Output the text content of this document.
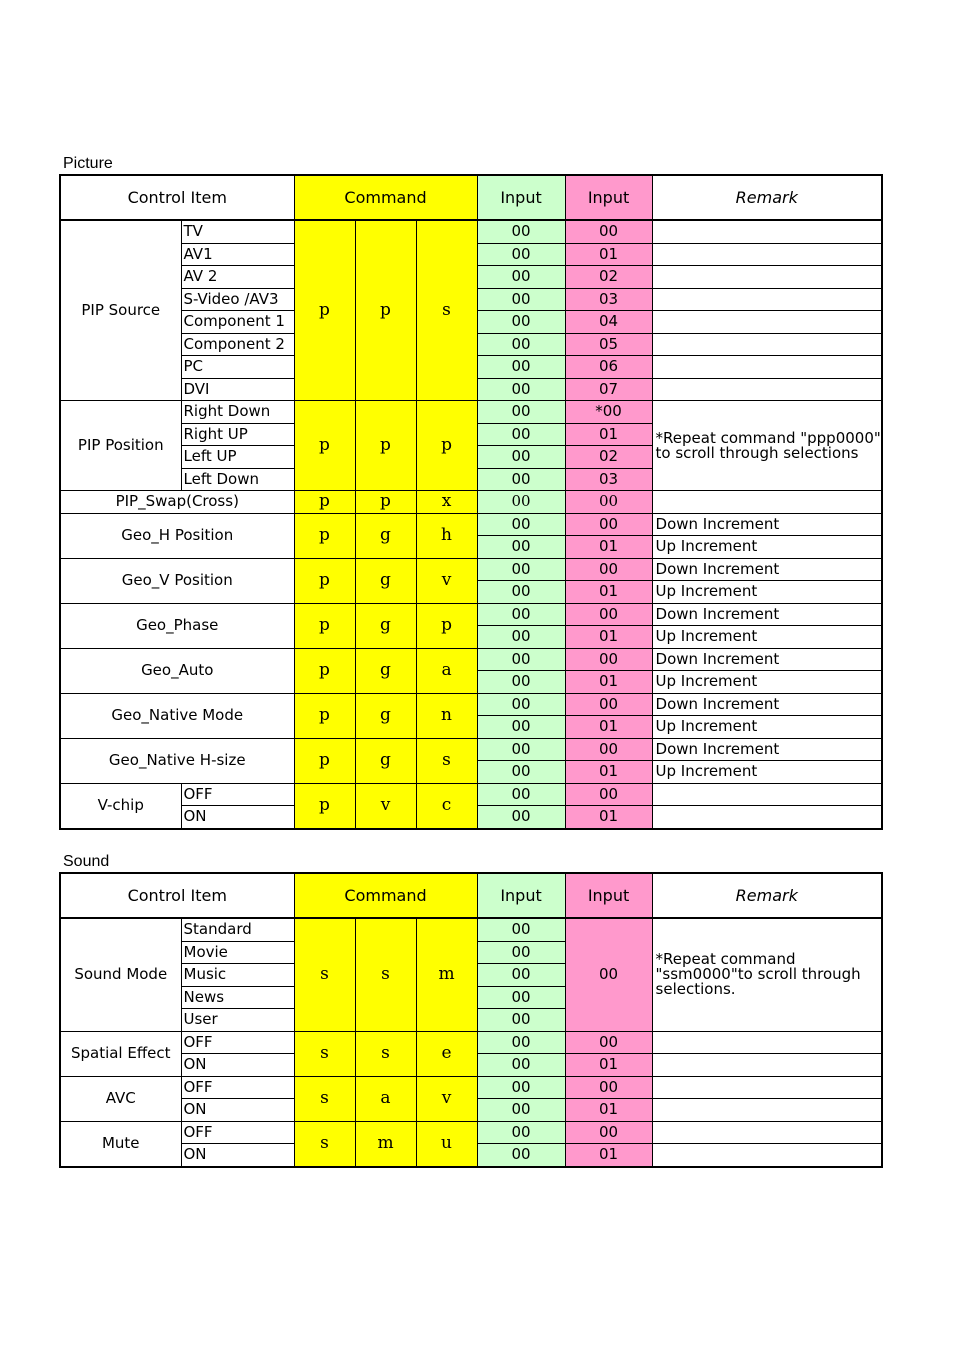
Picture
Control Item		Command			Input	Input	Remark
PIP Source	TV	p	p	s	00	00	
	AV1				00	01	
	AV 2				00	02	
	S-Video /AV3				00	03	
	Component 1				00	04	
	Component 2				00	05	
	PC				00	06	
	DVI				00	07	
PIP Position	Right Down	p	p	p	00	*00	*Repeat command "ppp0000" to scroll through selections
	Right UP				00	01	
	Left UP				00	02	
	Left Down				00	03	
PIP_Swap(Cross)		p	p	x	00	00	
Geo_H Position		p	g	h	00	00	Down Increment
					00	01	Up Increment
Geo_V Position		p	g	v	00	00	Down Increment
					00	01	Up Increment
Geo_Phase		p	g	p	00	00	Down Increment
					00	01	Up Increment
Geo_Auto		p	g	a	00	00	Down Increment
					00	01	Up Increment
Geo_Native Mode		p	g	n	00	00	Down Increment
					00	01	Up Increment
Geo_Native H-size		p	g	s	00	00	Down Increment
					00	01	Up Increment
V-chip	OFF	p	v	c	00	00	
	ON				00	01	
Sound
Control Item		Command			Input	Input	Remark
Sound Mode	Standard	s	s	m	00	00	*Repeat command "ssm0000"to scroll through selections.
	Movie				00		
	Music				00		
	News				00		
	User				00		
Spatial Effect	OFF	s	s	e	00	00	
	ON				00	01	
AVC	OFF	s	a	v	00	00	
	ON				00	01	
Mute	OFF	s	m	u	00	00	
	ON				00	01	
